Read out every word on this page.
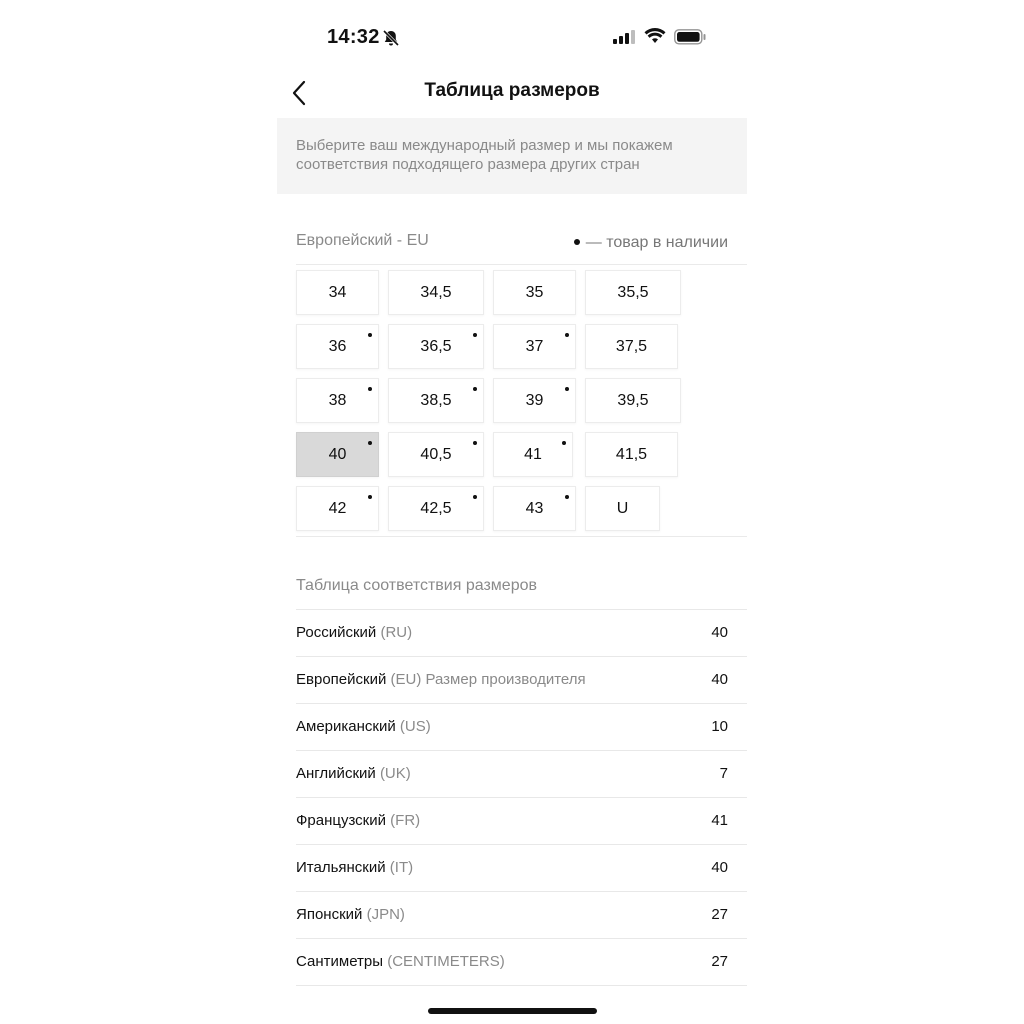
14:32
Таблица размеров
Выберите ваш международный размер и мы покажем соответствия подходящего размера других стран
Европейский - EU	— товар в наличии
34	34,5	35	35,5
36	36,5	37	37,5
38	38,5	39	39,5
40	40,5	41	41,5
42	42,5	43	U
Таблица соответствия размеров
Российский (RU)	40
Европейский (EU) Размер производителя	40
Американский (US)	10
Английский (UK)	7
Французский (FR)	41
Итальянский (IT)	40
Японский (JPN)	27
Сантиметры (CENTIMETERS)	27
